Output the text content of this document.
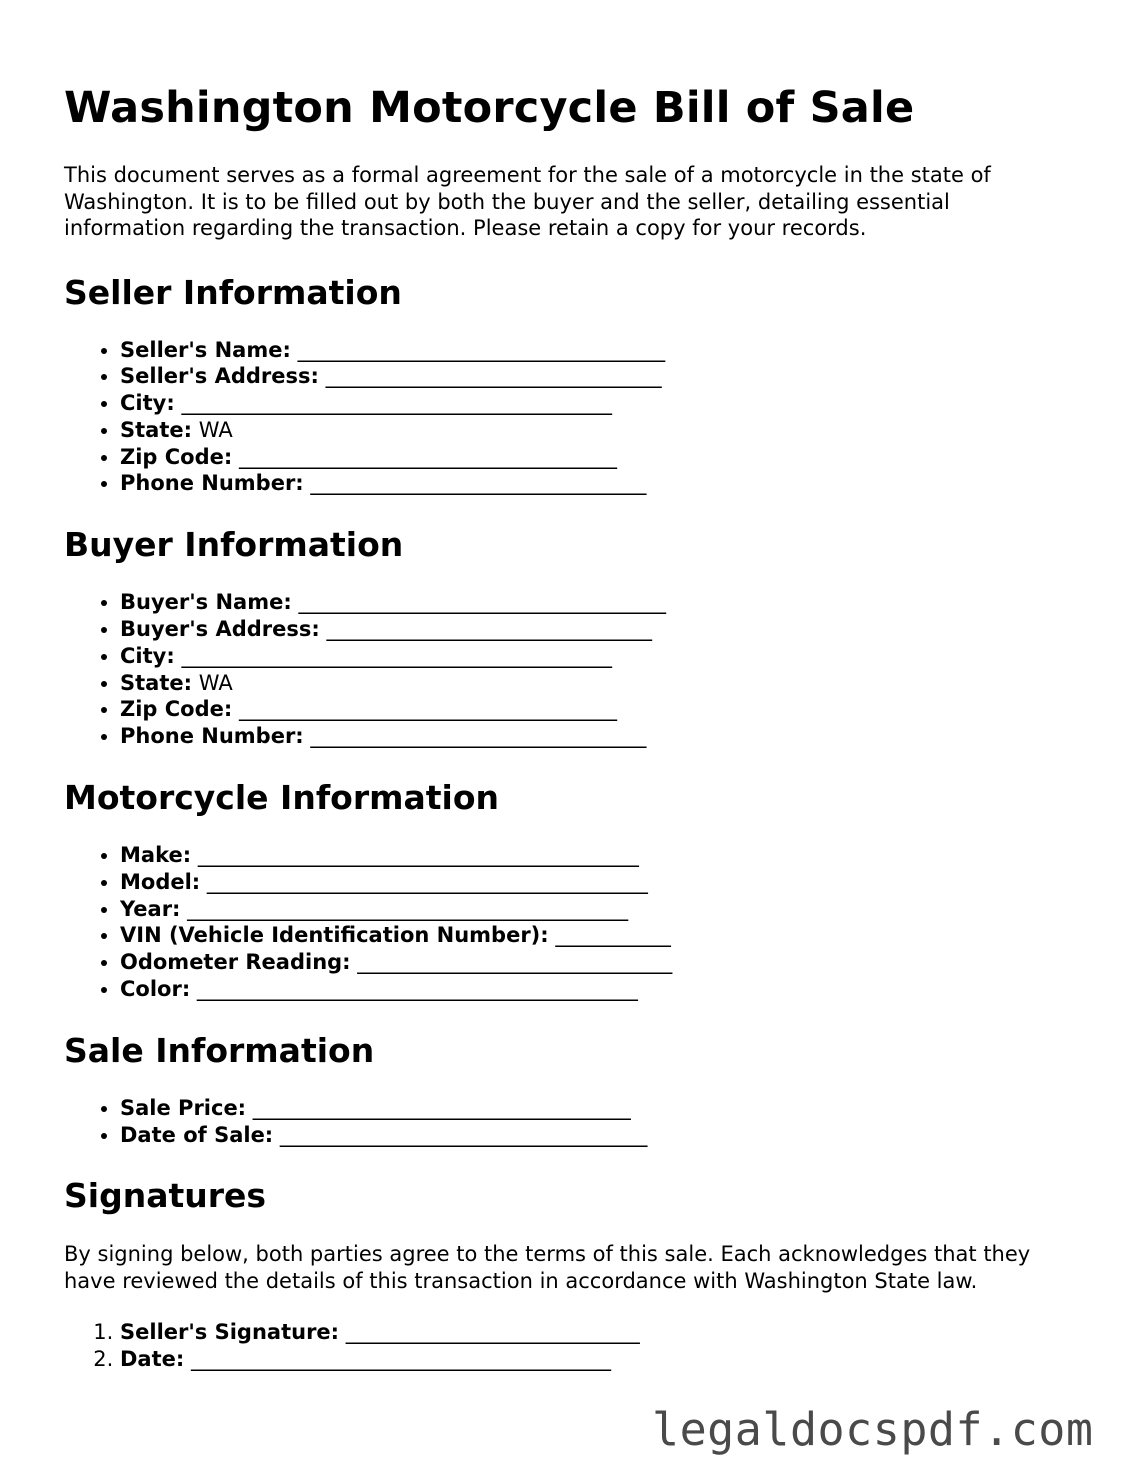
Washington Motorcycle Bill of Sale

This document serves as a formal agreement for the sale of a motorcycle in the state of Washington. It is to be filled out by both the buyer and the seller, detailing essential information regarding the transaction. Please retain a copy for your records.

Seller Information
• Seller's Name: ___________________________________
• Seller's Address: ________________________________
• City: _________________________________________
• State: WA
• Zip Code: ____________________________________
• Phone Number: ________________________________
Buyer Information
• Buyer's Name: ___________________________________
• Buyer's Address: _______________________________
• City: _________________________________________
• State: WA
• Zip Code: ____________________________________
• Phone Number: ________________________________
Motorcycle Information
• Make: __________________________________________
• Model: __________________________________________
• Year: __________________________________________
• VIN (Vehicle Identification Number): ___________
• Odometer Reading: ______________________________
• Color: __________________________________________
Sale Information
• Sale Price: ____________________________________
• Date of Sale: ___________________________________
Signatures

By signing below, both parties agree to the terms of this sale. Each acknowledges that they have reviewed the details of this transaction in accordance with Washington State law.

1. Seller's Signature: ____________________________
2. Date: ________________________________________
legaldocspdf.com
